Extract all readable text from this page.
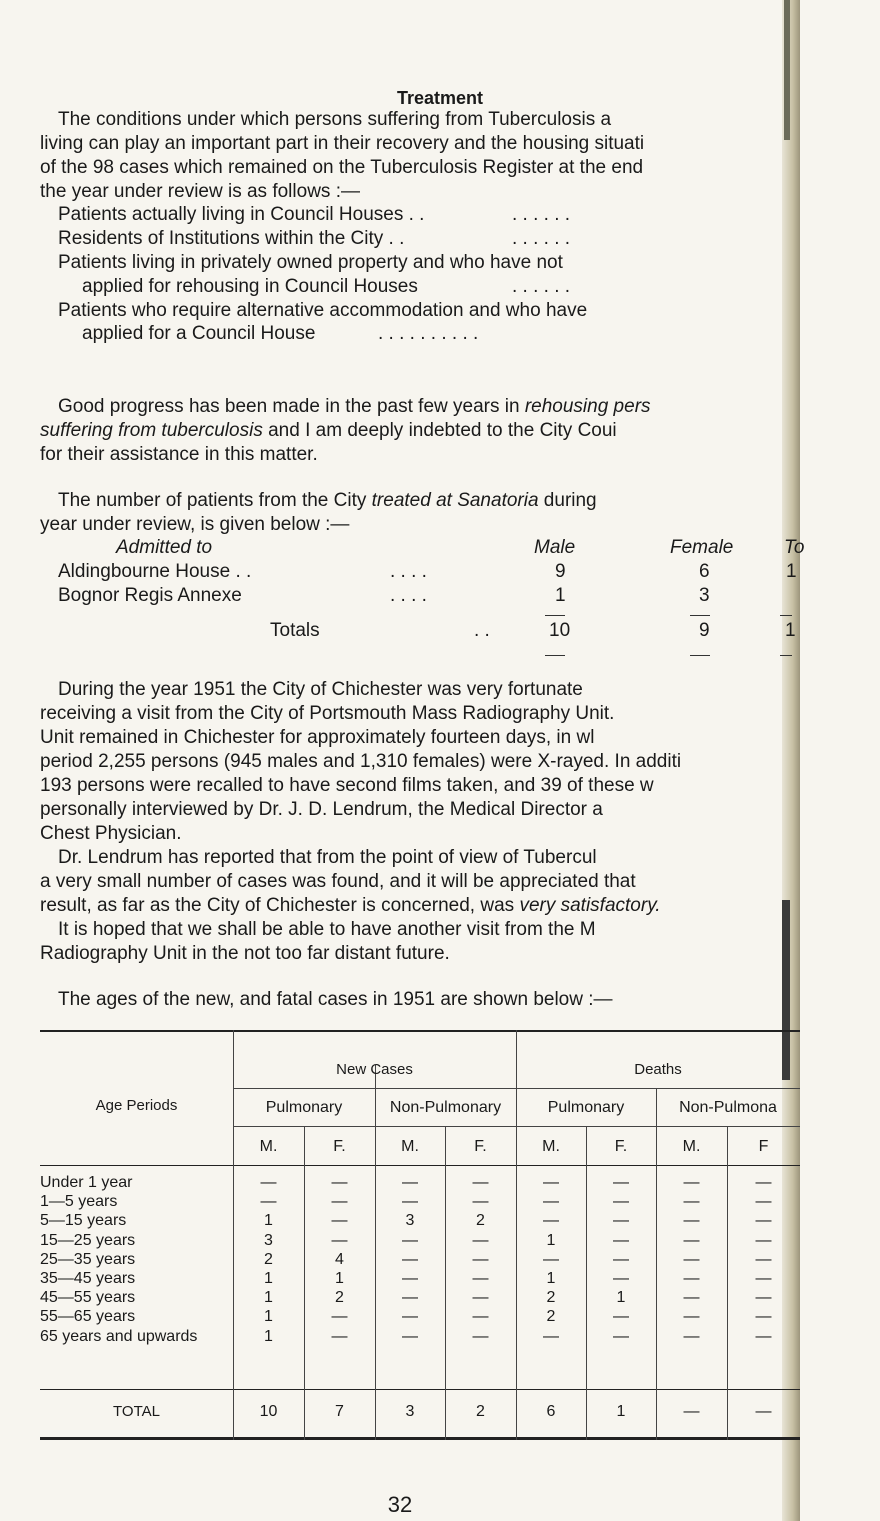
Treatment
The conditions under which persons suffering from Tuberculosis a
living can play an important part in their recovery and the housing situati
of the 98 cases which remained on the Tuberculosis Register at the end
the year under review is as follows :—
Patients actually living in Council Houses . .	. . . . . .
Residents of Institutions within the City . .	. . . . . .
Patients living in privately owned property and who have not
applied for rehousing in Council Houses	. . . . . .
Patients who require alternative accommodation and who have
applied for a Council House	. . . . . . . . . .
Good progress has been made in the past few years in rehousing pers
suffering from tuberculosis and I am deeply indebted to the City Coui
for their assistance in this matter.
The number of patients from the City treated at Sanatoria during
year under review, is given below :—
Admitted to	Male	Female	To
Aldingbourne House . .	. . . .	9	6	1
Bognor Regis Annexe	. . . .	1	3
Totals	. .	10	9	1
During the year 1951 the City of Chichester was very fortunate
receiving a visit from the City of Portsmouth Mass Radiography Unit.
Unit remained in Chichester for approximately fourteen days, in wl
period 2,255 persons (945 males and 1,310 females) were X-rayed. In additi
193 persons were recalled to have second films taken, and 39 of these w
personally interviewed by Dr. J. D. Lendrum, the Medical Director a
Chest Physician.
Dr. Lendrum has reported that from the point of view of Tubercul
a very small number of cases was found, and it will be appreciated that
result, as far as the City of Chichester is concerned, was very satisfactory.
It is hoped that we shall be able to have another visit from the M
Radiography Unit in the not too far distant future.
The ages of the new, and fatal cases in 1951 are shown below :—
Age Periods
New Cases	Deaths
Pulmonary	Non-Pulmonary	Pulmonary	Non-Pulmona
M.	F.	M.	F.	M.	F.	M.	F
Under 1 year	—	—	—	—	—	—	—	—
1—5 years	—	—	—	—	—	—	—	—
5—15 years	1	—	3	2	—	—	—	—
15—25 years	3	—	—	—	1	—	—	—
25—35 years	2	4	—	—	—	—	—	—
35—45 years	1	1	—	—	1	—	—	—
45—55 years	1	2	—	—	2	1	—	—
55—65 years	1	—	—	—	2	—	—	—
65 years and upwards	1	—	—	—	—	—	—	—
TOTAL	10	7	3	2	6	1	—	—
32
